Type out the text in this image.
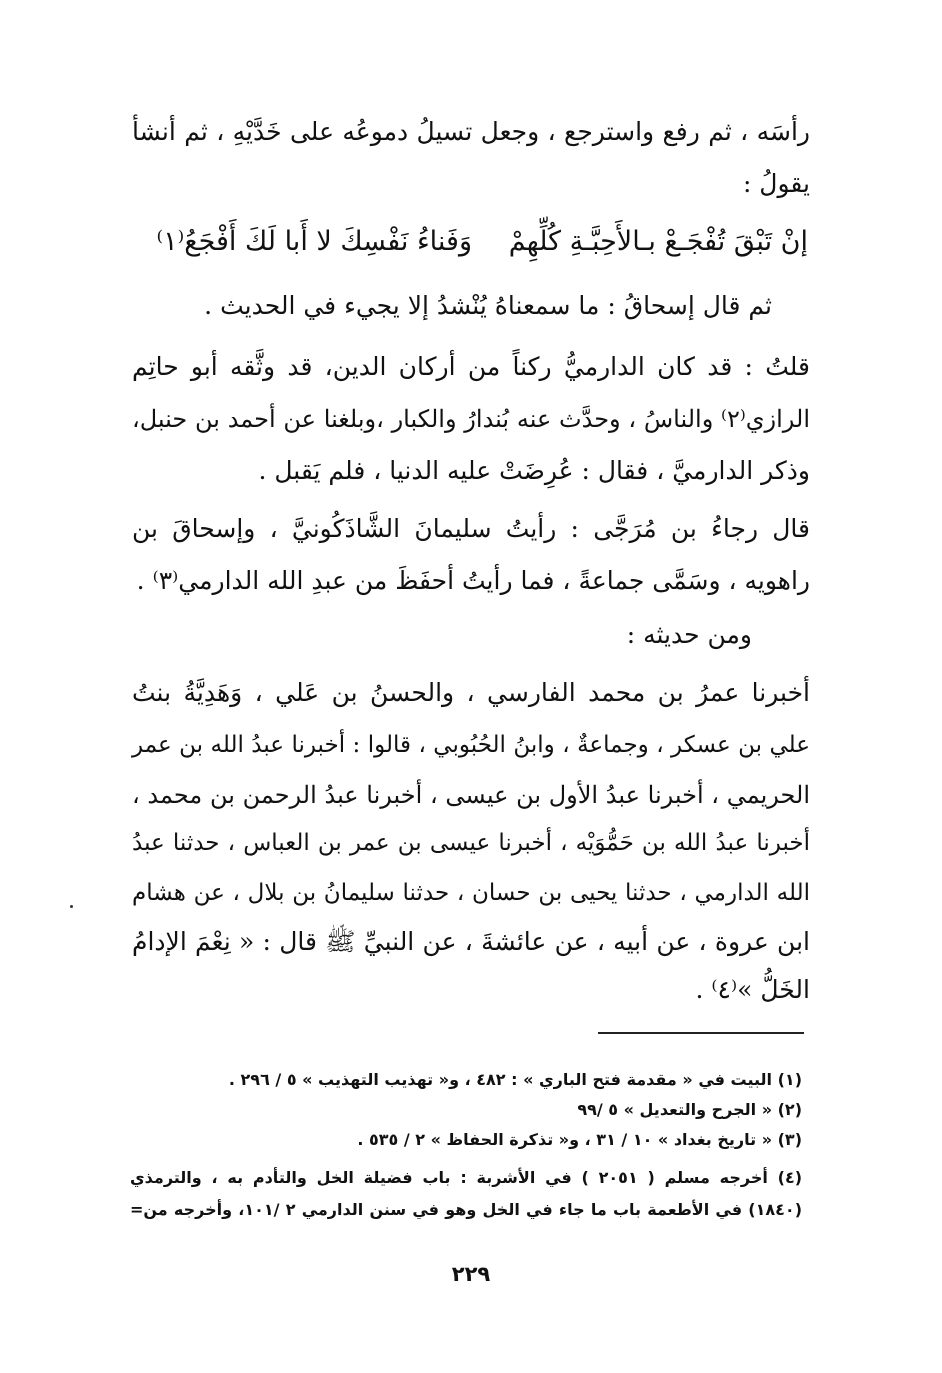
رأسَه ، ثم رفع واسترجع ، وجعل تسيلُ دموعُه على خَدَّيْهِ ، ثم أنشأ
يقولُ :
إنْ تَبْقَ تُفْجَـعْ بـالأَحِبَّـةِ كُلِّهِمْ
وَفَناءُ نَفْسِكَ لا أَبا لَكَ أَفْجَعُ⁽١⁾
ثم قال إسحاقُ : ما سمعناهُ يُنْشدُ إلا يجيء في الحديث .
قلتُ : قد كان الدارميُّ ركناً من أركان الدين، قد وثَّقه أبو حاتِم
الرازي⁽٢⁾ والناسُ ، وحدَّث عنه بُندارُ والكبار ،وبلغنا عن أحمد بن حنبل،
وذكر الدارميَّ ، فقال : عُرِضَتْ عليه الدنيا ، فلم يَقبل .
قال رجاءُ بن مُرَجَّى : رأيتُ سليمانَ الشَّاذَكُونيَّ ، وإسحاقَ بن
راهويه ، وسَمَّى جماعةً ، فما رأيتُ أحفَظَ من عبدِ الله الدارمي⁽٣⁾ .
ومن حديثه :
أخبرنا عمرُ بن محمد الفارسي ، والحسنُ بن عَلي ، وَهَدِيَّةُ بنتُ
علي بن عسكر ، وجماعةٌ ، وابنُ الحُبُوبي ، قالوا : أخبرنا عبدُ الله بن عمر
الحريمي ، أخبرنا عبدُ الأول بن عيسى ، أخبرنا عبدُ الرحمن بن محمد ،
أخبرنا عبدُ الله بن حَمُّوَيْه ، أخبرنا عيسى بن عمر بن العباس ، حدثنا عبدُ
الله الدارمي ، حدثنا يحيى بن حسان ، حدثنا سليمانُ بن بلال ، عن هشام
ابن عروة ، عن أبيه ، عن عائشةَ ، عن النبيِّ ﷺ قال : « نِعْمَ الإدامُ
الخَلُّ »⁽٤⁾ .
(١) البيت في « مقدمة فتح الباري » : ٤٨٢ ، و« تهذيب التهذيب » ٥ / ٢٩٦ .
(٢) « الجرح والتعديل » ٥ /٩٩
(٣) « تاريخ بغداد » ١٠ / ٣١ ، و« تذكرة الحفاظ » ٢ / ٥٣٥ .
(٤) أخرجه مسلم ( ٢٠٥١ ) في الأشربة : باب فضيلة الخل والتأدم به ، والترمذي
(١٨٤٠) في الأطعمة باب ما جاء في الخل وهو في سنن الدارمي ٢ /١٠١، وأخرجه من=
٢٢٩
